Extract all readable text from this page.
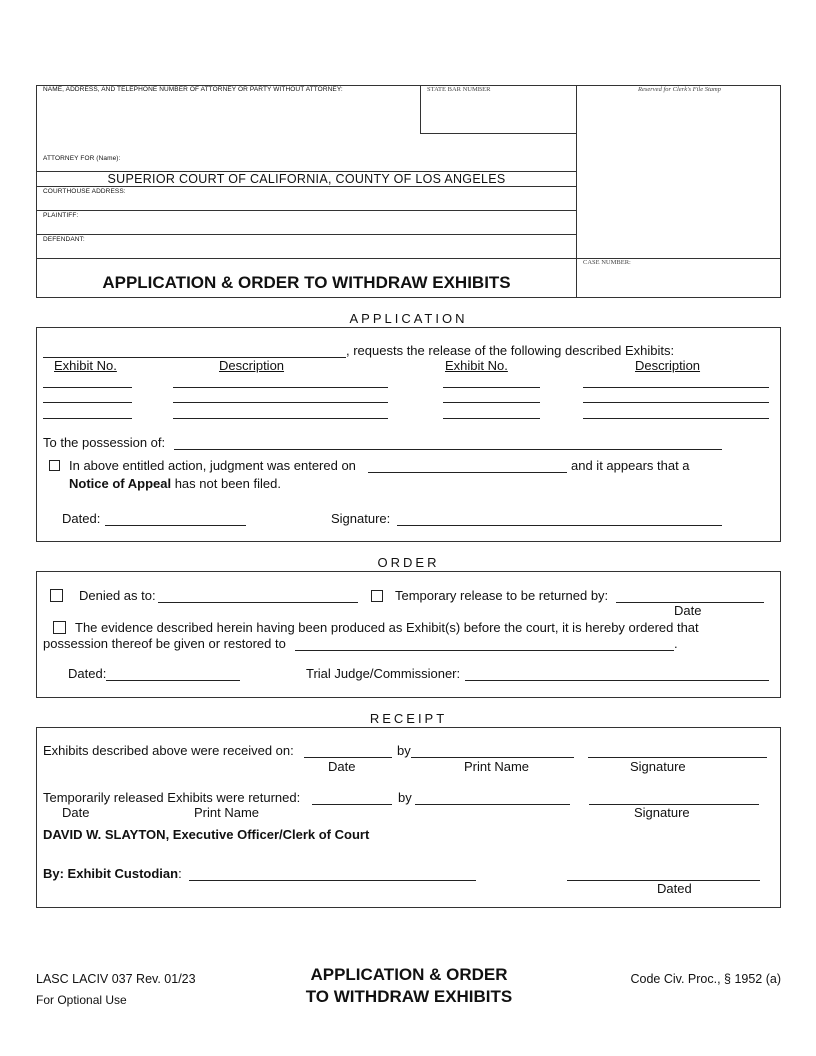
NAME, ADDRESS, AND TELEPHONE NUMBER OF ATTORNEY OR PARTY WITHOUT ATTORNEY:	STATE BAR NUMBER	Reserved for Clerk's File Stamp
ATTORNEY FOR (Name):
SUPERIOR COURT OF CALIFORNIA, COUNTY OF LOS ANGELES
COURTHOUSE ADDRESS:
PLAINTIFF:
DEFENDANT:
CASE NUMBER:
APPLICATION & ORDER TO WITHDRAW EXHIBITS
APPLICATION
, requests the release of the following described Exhibits:
Exhibit No.	Description	Exhibit No.	Description
To the possession of:
In above entitled action, judgment was entered on	and it appears that a
Notice of Appeal has not been filed.
Dated:	Signature:
ORDER
Denied as to:	Temporary release to be returned by:
Date
The evidence described herein having been produced as Exhibit(s) before the court, it is hereby ordered that
possession thereof be given or restored to	.
Dated:	Trial Judge/Commissioner:
RECEIPT
Exhibits described above were received on:	by
Date	Print Name	Signature
Temporarily released Exhibits were returned:	by
Date	Print Name	Signature
DAVID W. SLAYTON, Executive Officer/Clerk of Court
By: Exhibit Custodian:
Dated
LASC LACIV 037 Rev. 01/23
For Optional Use
APPLICATION & ORDER
TO WITHDRAW EXHIBITS
Code Civ. Proc., § 1952 (a)
